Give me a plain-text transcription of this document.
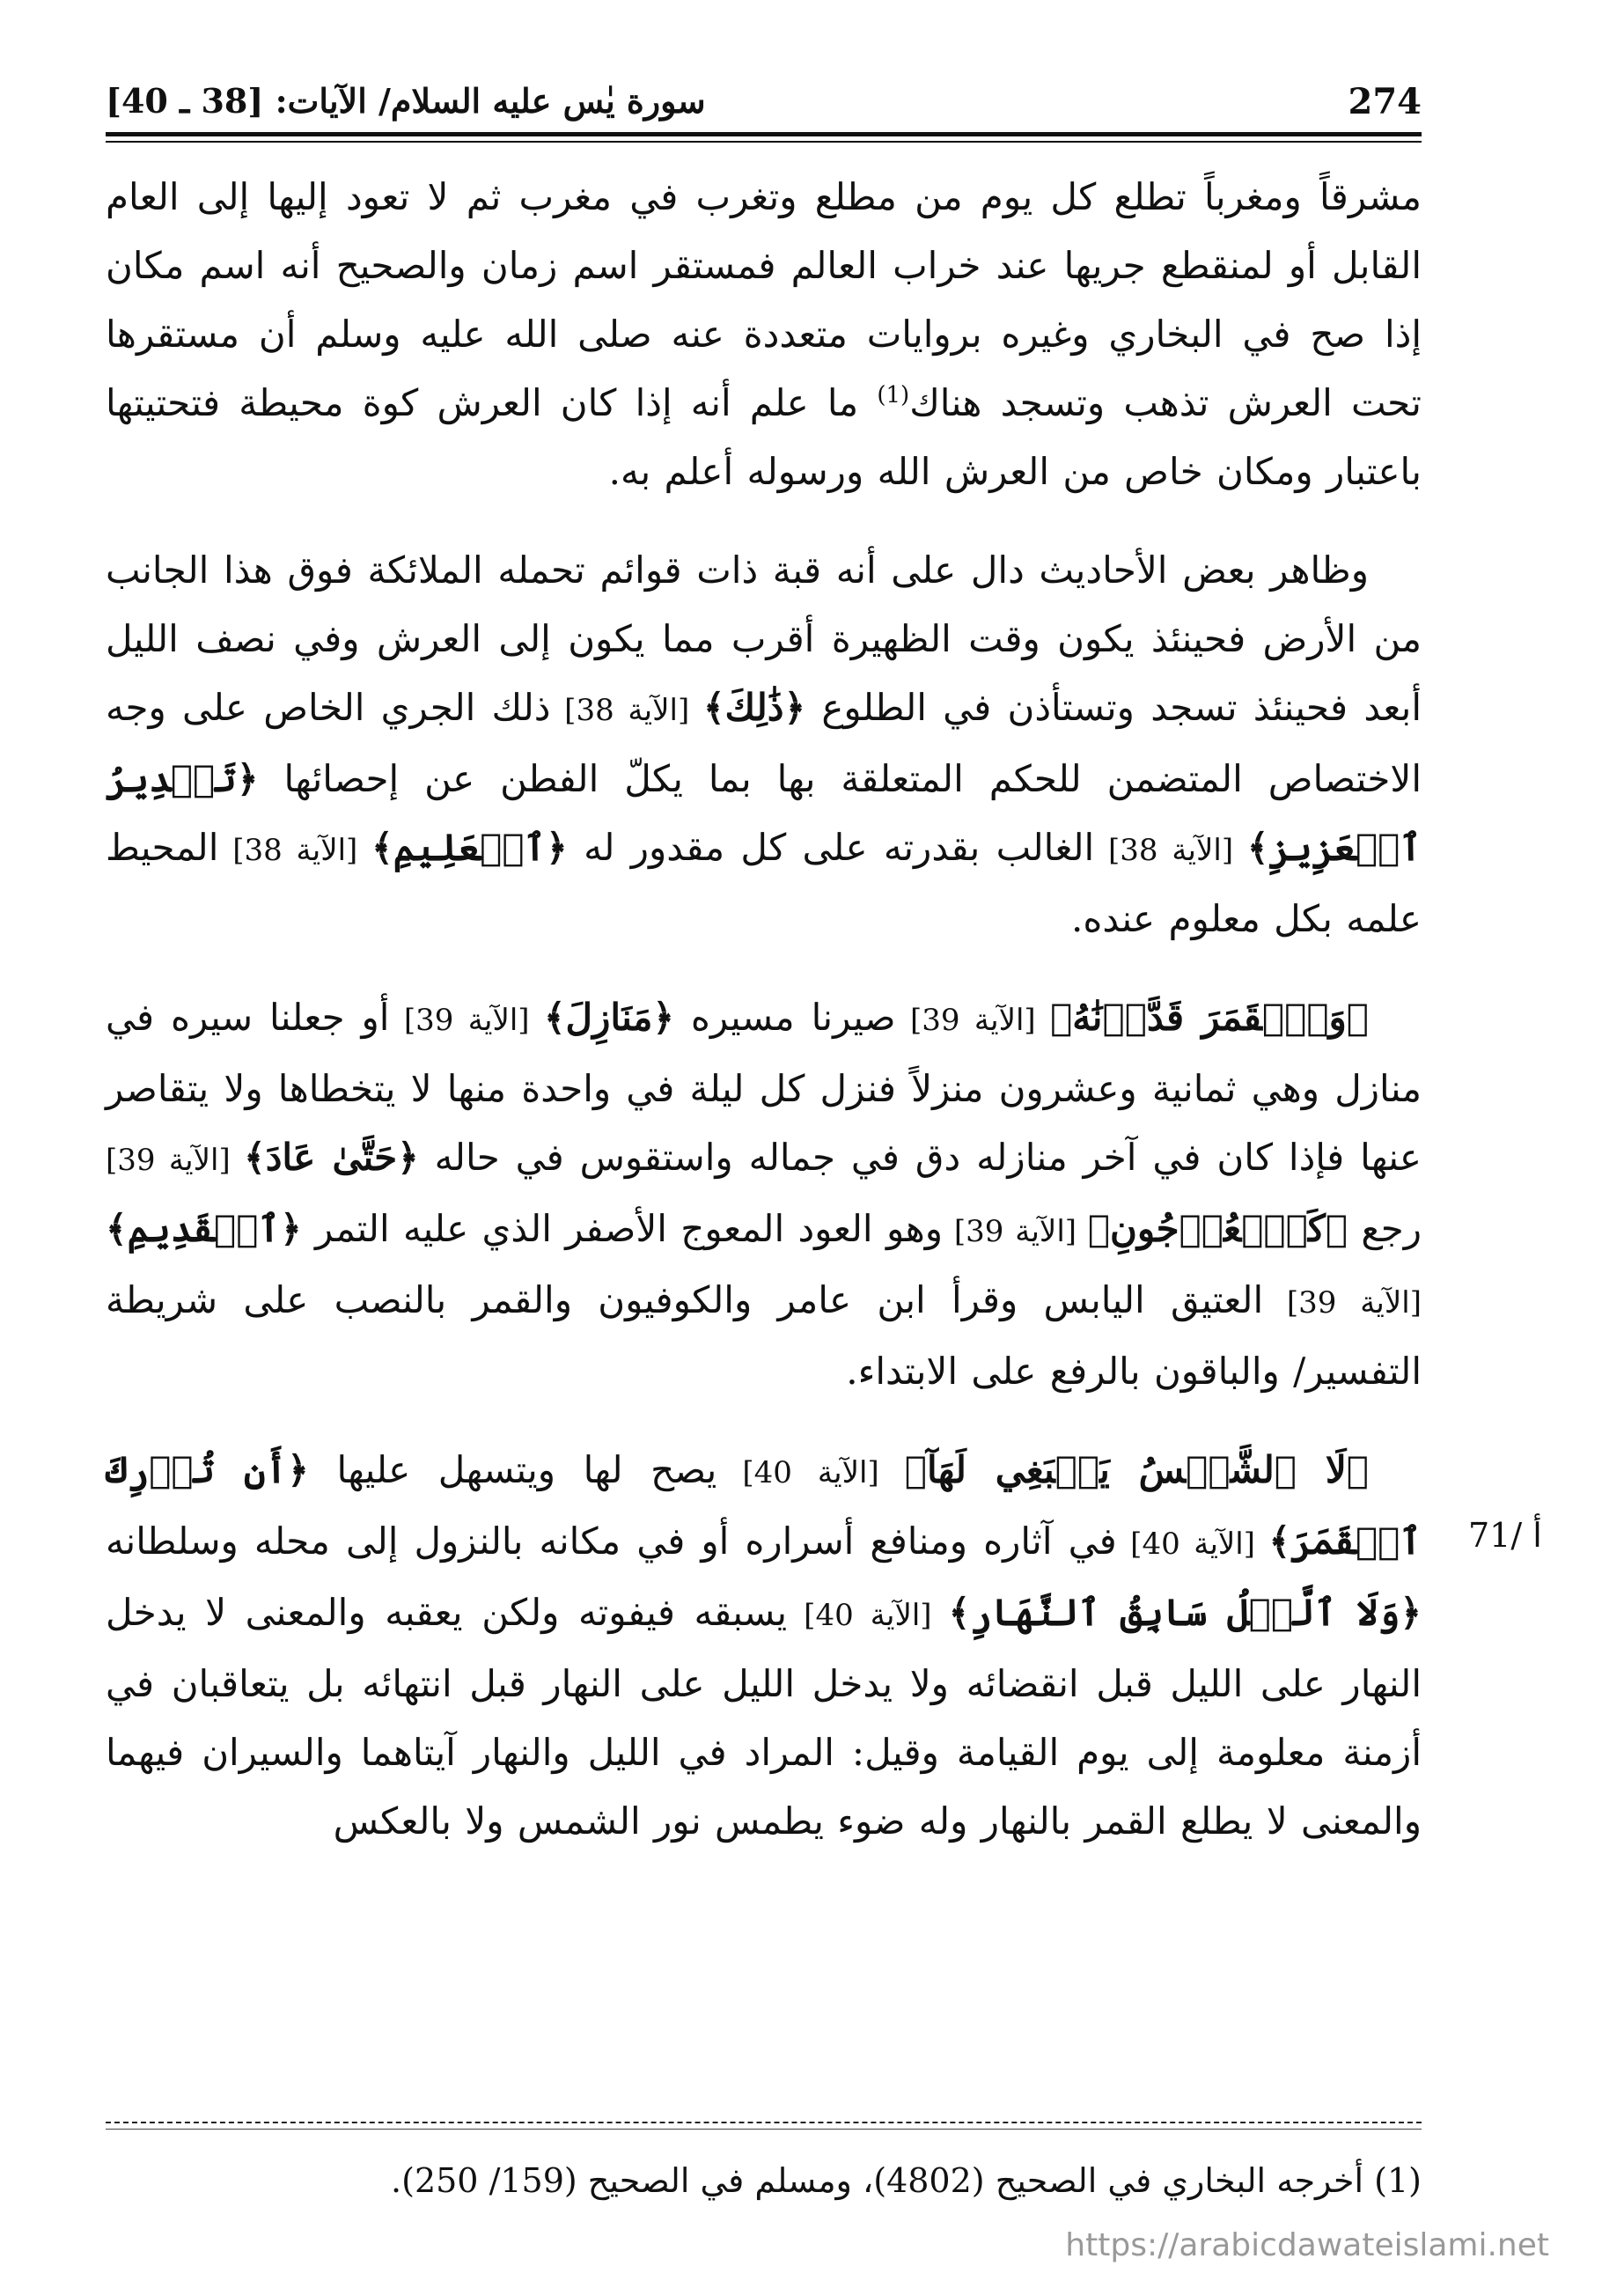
274
سورة يٰس عليه السلام/ الآيات: [38 ـ 40]

مشرقاً ومغرباً تطلع كل يوم من مطلع وتغرب في مغرب ثم لا تعود إليها إلى العام القابل أو لمنقطع جريها عند خراب العالم فمستقر اسم زمان والصحيح أنه اسم مكان إذا صح في البخاري وغيره بروايات متعددة عنه صلى الله عليه وسلم أن مستقرها تحت العرش تذهب وتسجد هناك$^{(1)}$ ما علم أنه إذا كان العرش كوة محيطة فتحتيتها باعتبار ومكان خاص من العرش الله ورسوله أعلم به.

وظاهر بعض الأحاديث دال على أنه قبة ذات قوائم تحمله الملائكة فوق هذا الجانب من الأرض فحينئذ يكون وقت الظهيرة أقرب مما يكون إلى العرش وفي نصف الليل أبعد فحينئذ تسجد وتستأذن في الطلوع ﴿ذَٰلِكَ﴾ [الآية 38] ذلك الجري الخاص على وجه الاختصاص المتضمن للحكم المتعلقة بها بما يكلّ الفطن عن إحصائها ﴿تَقۡدِيرُ ٱلۡعَزِيزِ﴾ [الآية 38] الغالب بقدرته على كل مقدور له ﴿ٱلۡعَلِيمِ﴾ [الآية 38] المحيط علمه بكل معلوم عنده.

﴿وَٱلۡقَمَرَ قَدَّرۡنَٰهُ﴾ [الآية 39] صيرنا مسيره ﴿مَنَازِلَ﴾ [الآية 39] أو جعلنا سيره في منازل وهي ثمانية وعشرون منزلاً فنزل كل ليلة في واحدة منها لا يتخطاها ولا يتقاصر عنها فإذا كان في آخر منازله دق في جماله واستقوس في حاله ﴿حَتَّىٰ عَادَ﴾ [الآية 39] رجع ﴿كَٱلۡعُرۡجُونِ﴾ [الآية 39] وهو العود المعوج الأصفر الذي عليه التمر ﴿ٱلۡقَدِيمِ﴾ [الآية 39] العتيق اليابس وقرأ ابن عامر والكوفيون والقمر بالنصب على شريطة التفسير/ والباقون بالرفع على الابتداء.

﴿لَا ٱلشَّمۡسُ يَنۢبَغِي لَهَآ﴾ [الآية 40] يصح لها ويتسهل عليها ﴿أَن تُدۡرِكَ ٱلۡقَمَرَ﴾ [الآية 40] في آثاره ومنافع أسراره أو في مكانه بالنزول إلى محله وسلطانه ﴿وَلَا ٱلَّيۡلُ سَابِقُ ٱلنَّهَارِ﴾ [الآية 40] يسبقه فيفوته ولكن يعقبه والمعنى لا يدخل النهار على الليل قبل انقضائه ولا يدخل الليل على النهار قبل انتهائه بل يتعاقبان في أزمنة معلومة إلى يوم القيامة وقيل: المراد في الليل والنهار آيتاهما والسيران فيهما والمعنى لا يطلع القمر بالنهار وله ضوء يطمس نور الشمس ولا بالعكس

71/ أ
(1) أخرجه البخاري في الصحيح (4802)، ومسلم في الصحيح (159/ 250).
https://arabicdawateislami.net
